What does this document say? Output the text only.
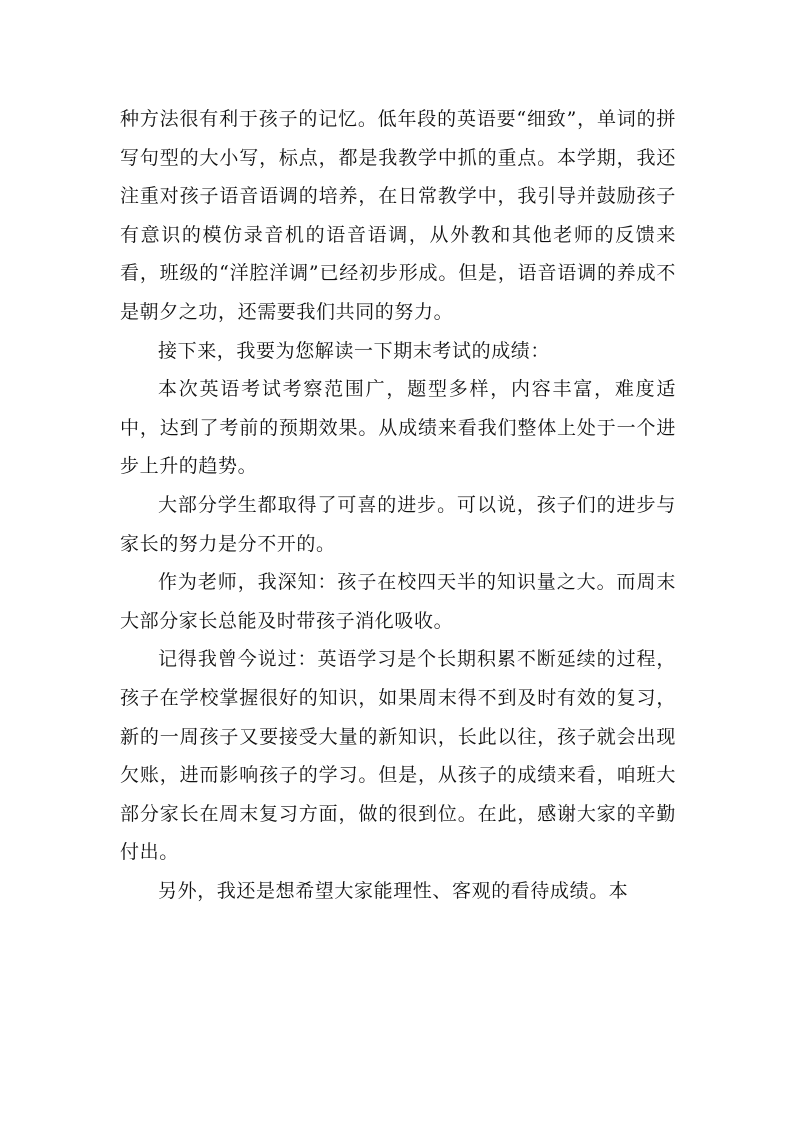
种方法很有利于孩子的记忆。低年段的英语要“细致”，单词的拼写句型的大小写，标点，都是我教学中抓的重点。本学期，我还注重对孩子语音语调的培养，在日常教学中，我引导并鼓励孩子有意识的模仿录音机的语音语调，从外教和其他老师的反馈来看，班级的“洋腔洋调”已经初步形成。但是，语音语调的养成不是朝夕之功，还需要我们共同的努力。

接下来，我要为您解读一下期末考试的成绩：

本次英语考试考察范围广，题型多样，内容丰富，难度适中，达到了考前的预期效果。从成绩来看我们整体上处于一个进步上升的趋势。

大部分学生都取得了可喜的进步。可以说，孩子们的进步与家长的努力是分不开的。

作为老师，我深知：孩子在校四天半的知识量之大。而周末大部分家长总能及时带孩子消化吸收。

记得我曾今说过：英语学习是个长期积累不断延续的过程，孩子在学校掌握很好的知识，如果周末得不到及时有效的复习，新的一周孩子又要接受大量的新知识，长此以往，孩子就会出现欠账，进而影响孩子的学习。但是，从孩子的成绩来看，咱班大部分家长在周末复习方面，做的很到位。在此，感谢大家的辛勤付出。

另外，我还是想希望大家能理性、客观的看待成绩。本
